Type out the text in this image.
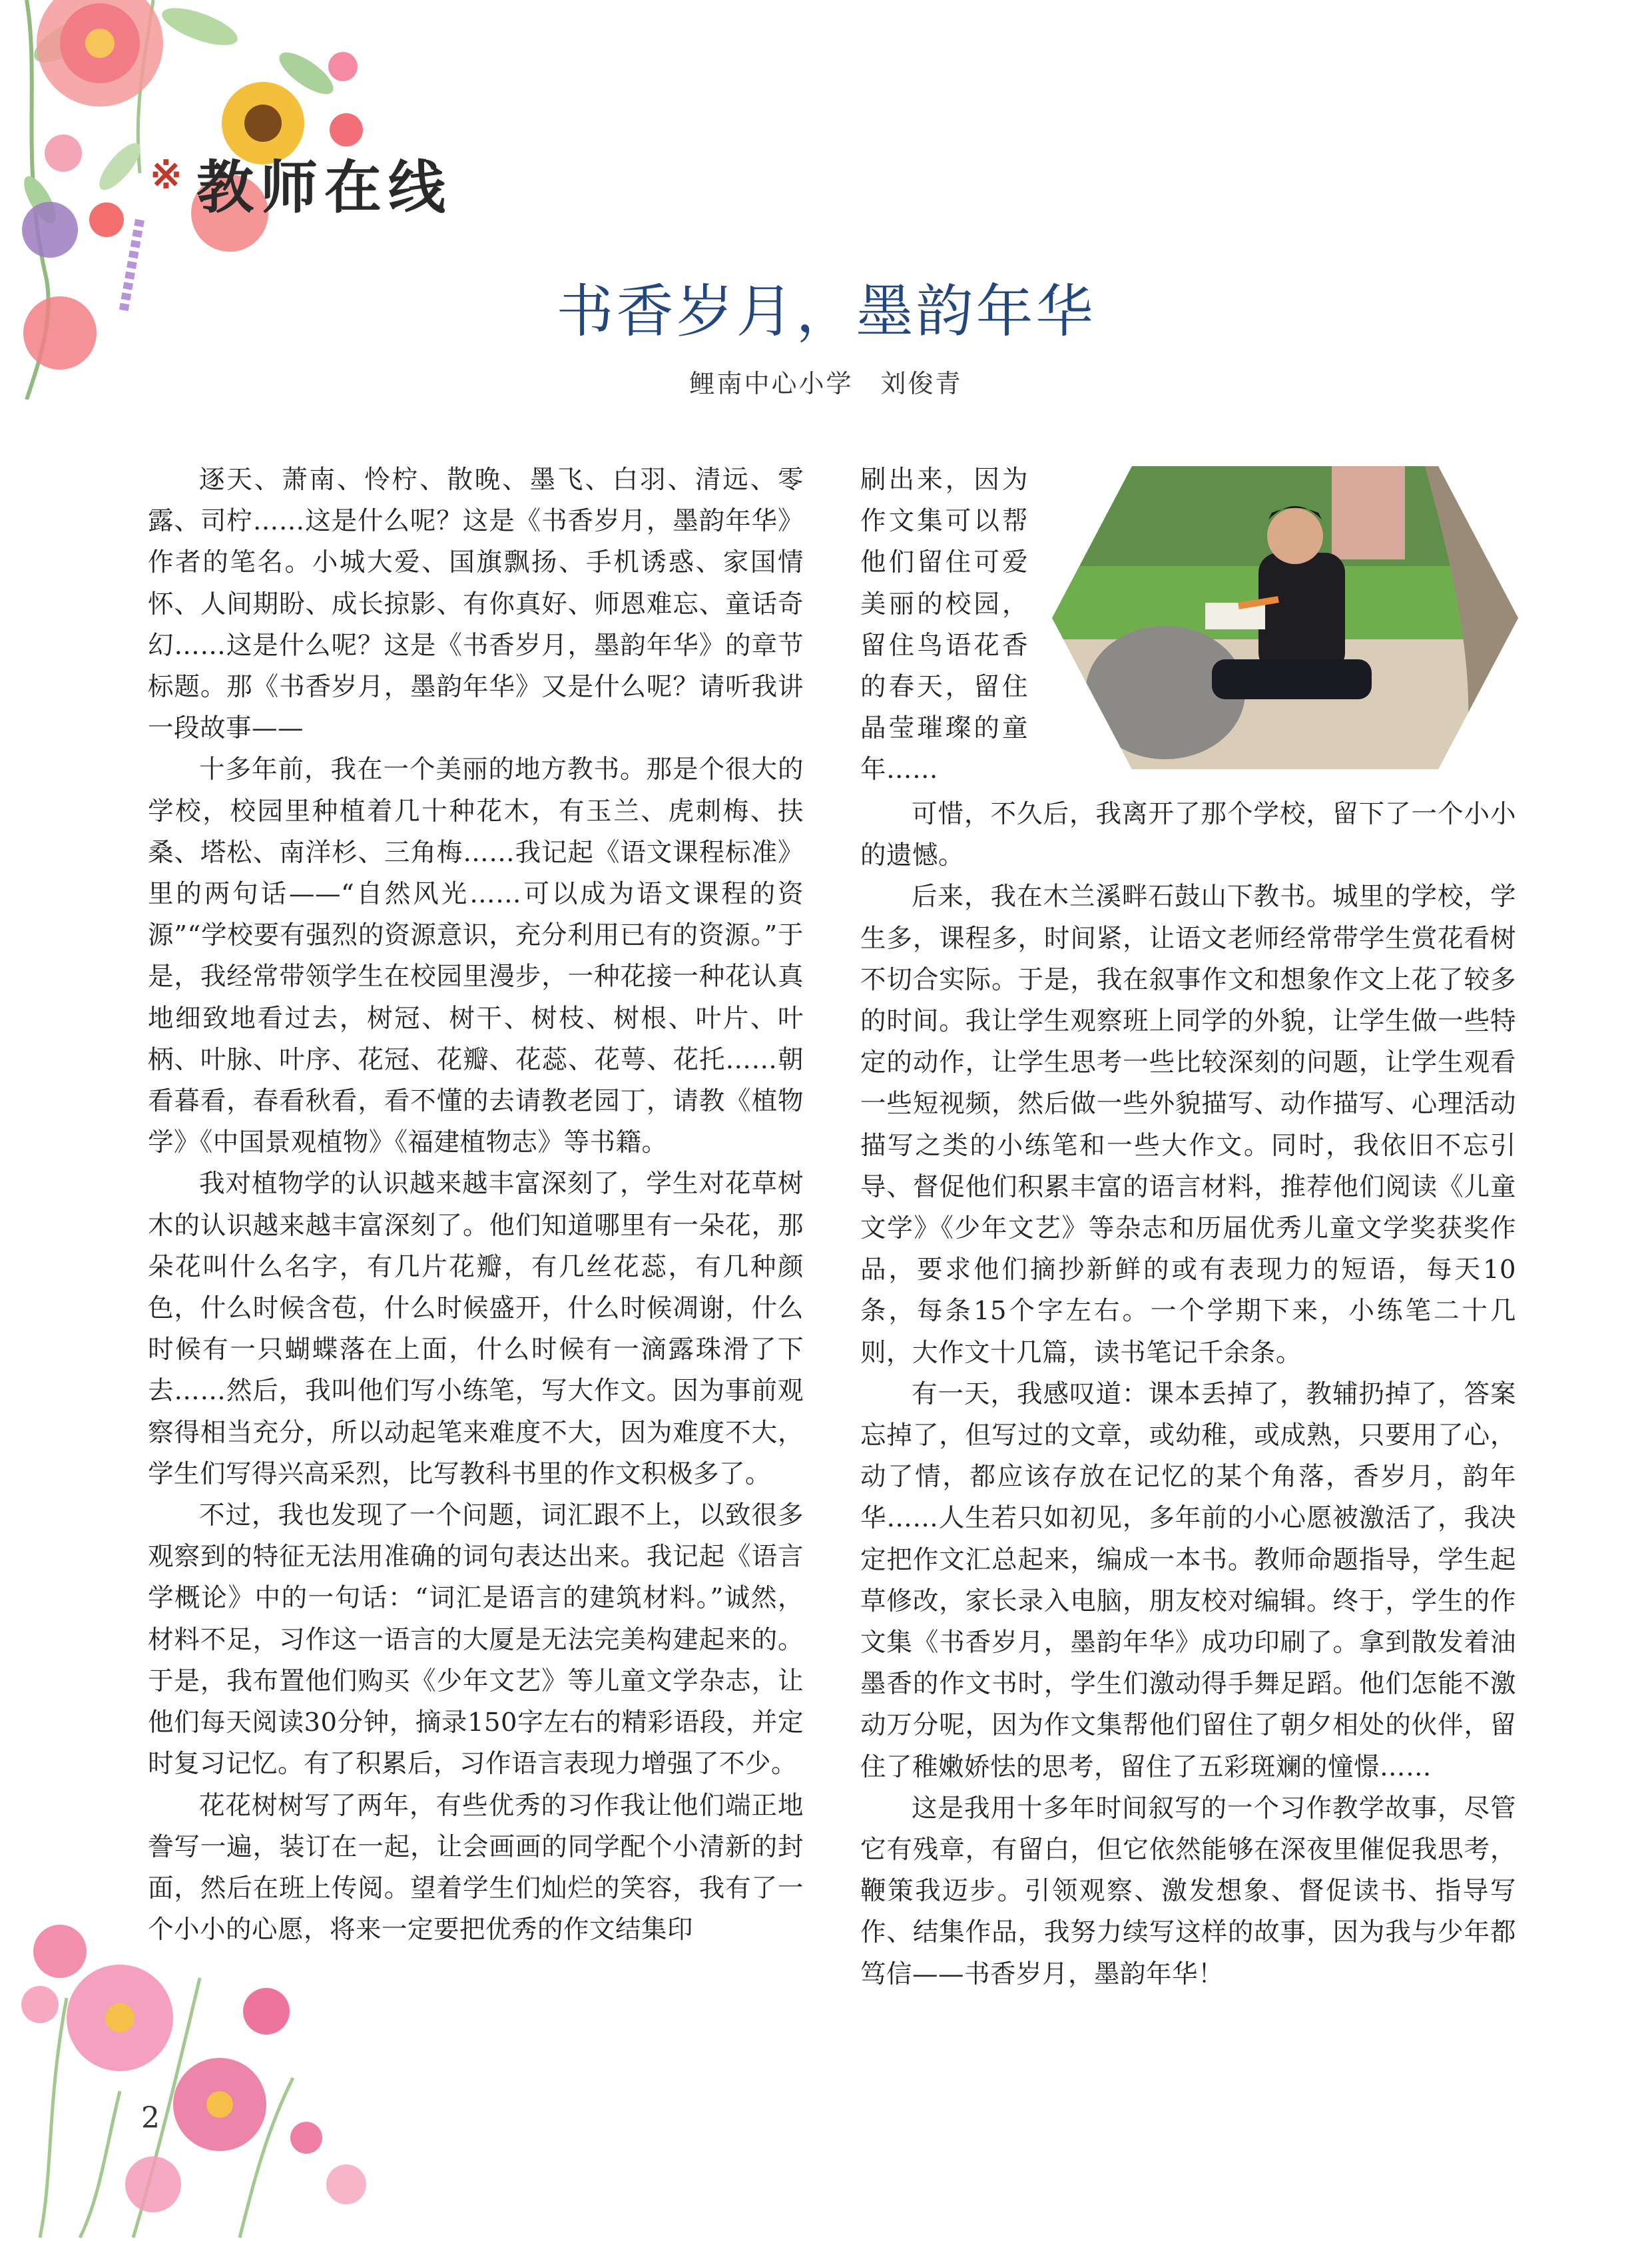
※ 教师在线
书香岁月，墨韵年华
鲤南中心小学　刘俊青

逐天、萧南、怜柠、散晚、墨飞、白羽、清远、零露、司柠……这是什么呢？这是《书香岁月，墨韵年华》作者的笔名。小城大爱、国旗飘扬、手机诱惑、家国情怀、人间期盼、成长掠影、有你真好、师恩难忘、童话奇幻……这是什么呢？这是《书香岁月，墨韵年华》的章节标题。那《书香岁月，墨韵年华》又是什么呢？请听我讲一段故事——

十多年前，我在一个美丽的地方教书。那是个很大的学校，校园里种植着几十种花木，有玉兰、虎刺梅、扶桑、塔松、南洋杉、三角梅……我记起《语文课程标准》里的两句话——“自然风光……可以成为语文课程的资源”“学校要有强烈的资源意识，充分利用已有的资源。”于是，我经常带领学生在校园里漫步，一种花接一种花认真地细致地看过去，树冠、树干、树枝、树根、叶片、叶柄、叶脉、叶序、花冠、花瓣、花蕊、花萼、花托……朝看暮看，春看秋看，看不懂的去请教老园丁，请教《植物学》《中国景观植物》《福建植物志》等书籍。

我对植物学的认识越来越丰富深刻了，学生对花草树木的认识越来越丰富深刻了。他们知道哪里有一朵花，那朵花叫什么名字，有几片花瓣，有几丝花蕊，有几种颜色，什么时候含苞，什么时候盛开，什么时候凋谢，什么时候有一只蝴蝶落在上面，什么时候有一滴露珠滑了下去……然后，我叫他们写小练笔，写大作文。因为事前观察得相当充分，所以动起笔来难度不大，因为难度不大，学生们写得兴高采烈，比写教科书里的作文积极多了。

不过，我也发现了一个问题，词汇跟不上，以致很多观察到的特征无法用准确的词句表达出来。我记起《语言学概论》中的一句话：“词汇是语言的建筑材料。”诚然，材料不足，习作这一语言的大厦是无法完美构建起来的。于是，我布置他们购买《少年文艺》等儿童文学杂志，让他们每天阅读30分钟，摘录150字左右的精彩语段，并定时复习记忆。有了积累后，习作语言表现力增强了不少。

花花树树写了两年，有些优秀的习作我让他们端正地誊写一遍，装订在一起，让会画画的同学配个小清新的封面，然后在班上传阅。望着学生们灿烂的笑容，我有了一个小小的心愿，将来一定要把优秀的作文结集印

刷出来，因为作文集可以帮他们留住可爱美丽的校园，留住鸟语花香的春天，留住晶莹璀璨的童年……

可惜，不久后，我离开了那个学校，留下了一个小小的遗憾。

后来，我在木兰溪畔石鼓山下教书。城里的学校，学生多，课程多，时间紧，让语文老师经常带学生赏花看树不切合实际。于是，我在叙事作文和想象作文上花了较多的时间。我让学生观察班上同学的外貌，让学生做一些特定的动作，让学生思考一些比较深刻的问题，让学生观看一些短视频，然后做一些外貌描写、动作描写、心理活动描写之类的小练笔和一些大作文。同时，我依旧不忘引导、督促他们积累丰富的语言材料，推荐他们阅读《儿童文学》《少年文艺》等杂志和历届优秀儿童文学奖获奖作品，要求他们摘抄新鲜的或有表现力的短语，每天10条，每条15个字左右。一个学期下来，小练笔二十几则，大作文十几篇，读书笔记千余条。

有一天，我感叹道：课本丢掉了，教辅扔掉了，答案忘掉了，但写过的文章，或幼稚，或成熟，只要用了心，动了情，都应该存放在记忆的某个角落，香岁月，韵年华……人生若只如初见，多年前的小心愿被激活了，我决定把作文汇总起来，编成一本书。教师命题指导，学生起草修改，家长录入电脑，朋友校对编辑。终于，学生的作文集《书香岁月，墨韵年华》成功印刷了。拿到散发着油墨香的作文书时，学生们激动得手舞足蹈。他们怎能不激动万分呢，因为作文集帮他们留住了朝夕相处的伙伴，留住了稚嫩娇怯的思考，留住了五彩斑斓的憧憬……

这是我用十多年时间叙写的一个习作教学故事，尽管它有残章，有留白，但它依然能够在深夜里催促我思考，鞭策我迈步。引领观察、激发想象、督促读书、指导写作、结集作品，我努力续写这样的故事，因为我与少年都笃信——书香岁月，墨韵年华！

2
